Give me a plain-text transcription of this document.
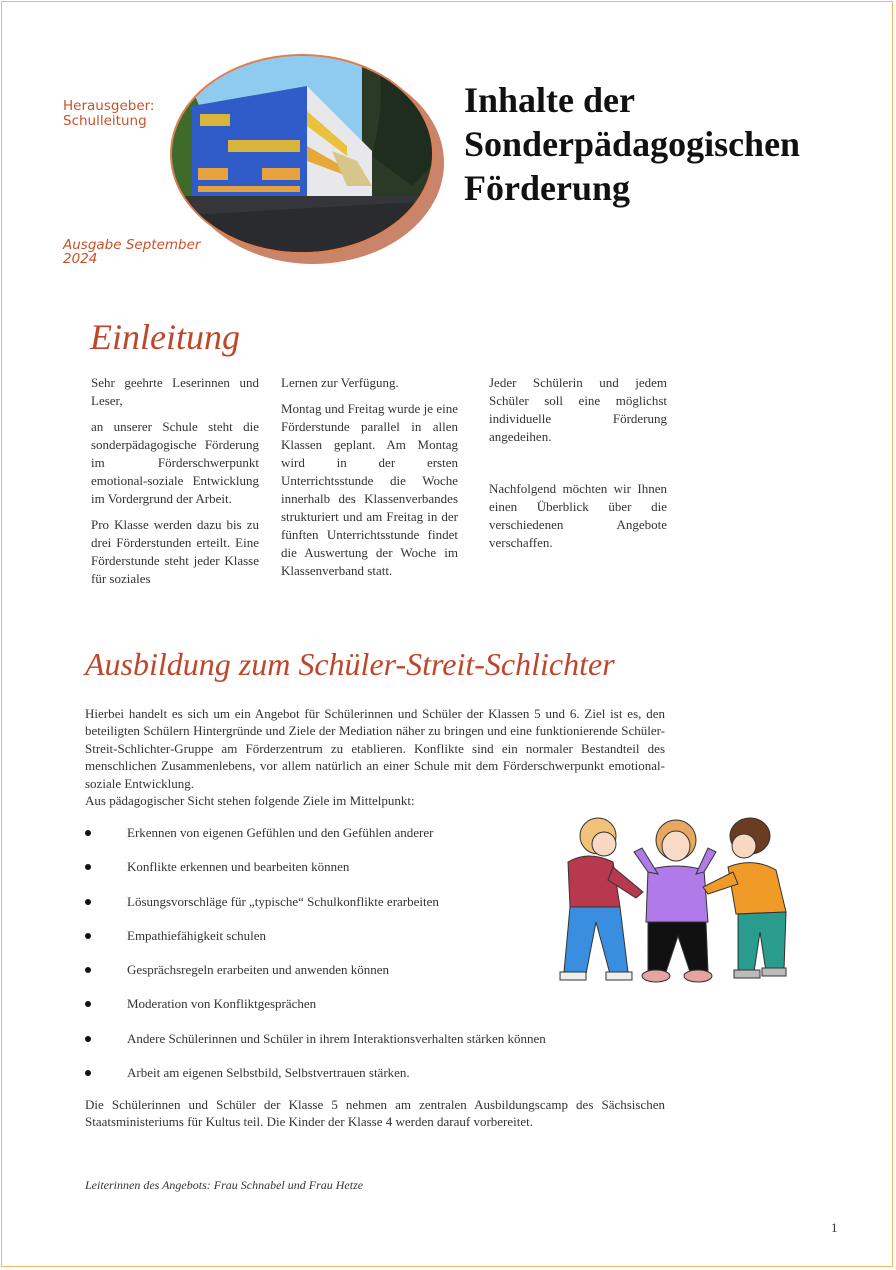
Herausgeber:
Schulleitung
Ausgabe September
2024
Inhalte der
Sonderpädagogischen
Förderung
Einleitung

Sehr geehrte Leserinnen und Leser,

an unserer Schule steht die sonderpädagogische Förderung im Förderschwerpunkt emotional-soziale Entwicklung im Vordergrund der Arbeit.

Pro Klasse werden dazu bis zu drei Förderstunden erteilt. Eine Förderstunde steht jeder Klasse für soziales

Lernen zur Verfügung.

Montag und Freitag wurde je eine Förderstunde parallel in allen Klassen geplant. Am Montag wird in der ersten Unterrichtsstunde die Woche innerhalb des Klassenverbandes strukturiert und am Freitag in der fünften Unterrichtsstunde findet die Auswertung der Woche im Klassenverband statt.

Jeder Schülerin und jedem Schüler soll eine möglichst individuelle Förderung angedeihen.

Nachfolgend möchten wir Ihnen einen Überblick über die verschiedenen Angebote verschaffen.

Ausbildung zum Schüler-Streit-Schlichter
Hierbei handelt es sich um ein Angebot für Schülerinnen und Schüler der Klassen 5 und 6. Ziel ist es, den beteiligten Schülern Hintergründe und Ziele der Mediation näher zu bringen und eine funktionierende Schüler-Streit-Schlichter-Gruppe am Förderzentrum zu etablieren. Konflikte sind ein normaler Bestandteil des menschlichen Zusammenlebens, vor allem natürlich an einer Schule mit dem Förderschwerpunkt emotional-soziale Entwicklung.
Aus pädagogischer Sicht stehen folgende Ziele im Mittelpunkt:
Erkennen von eigenen Gefühlen und den Gefühlen anderer
Konflikte erkennen und bearbeiten können
Lösungsvorschläge für „typische“ Schulkonflikte erarbeiten
Empathiefähigkeit schulen
Gesprächsregeln erarbeiten und anwenden können
Moderation von Konfliktgesprächen
Andere Schülerinnen und Schüler in ihrem Interaktionsverhalten stärken können
Arbeit am eigenen Selbstbild, Selbstvertrauen stärken.

Die Schülerinnen und Schüler der Klasse 5 nehmen am zentralen Ausbildungscamp des Sächsischen Staatsministeriums für Kultus teil. Die Kinder der Klasse 4 werden darauf vorbereitet.

Leiterinnen des Angebots: Frau Schnabel und Frau Hetze

1
